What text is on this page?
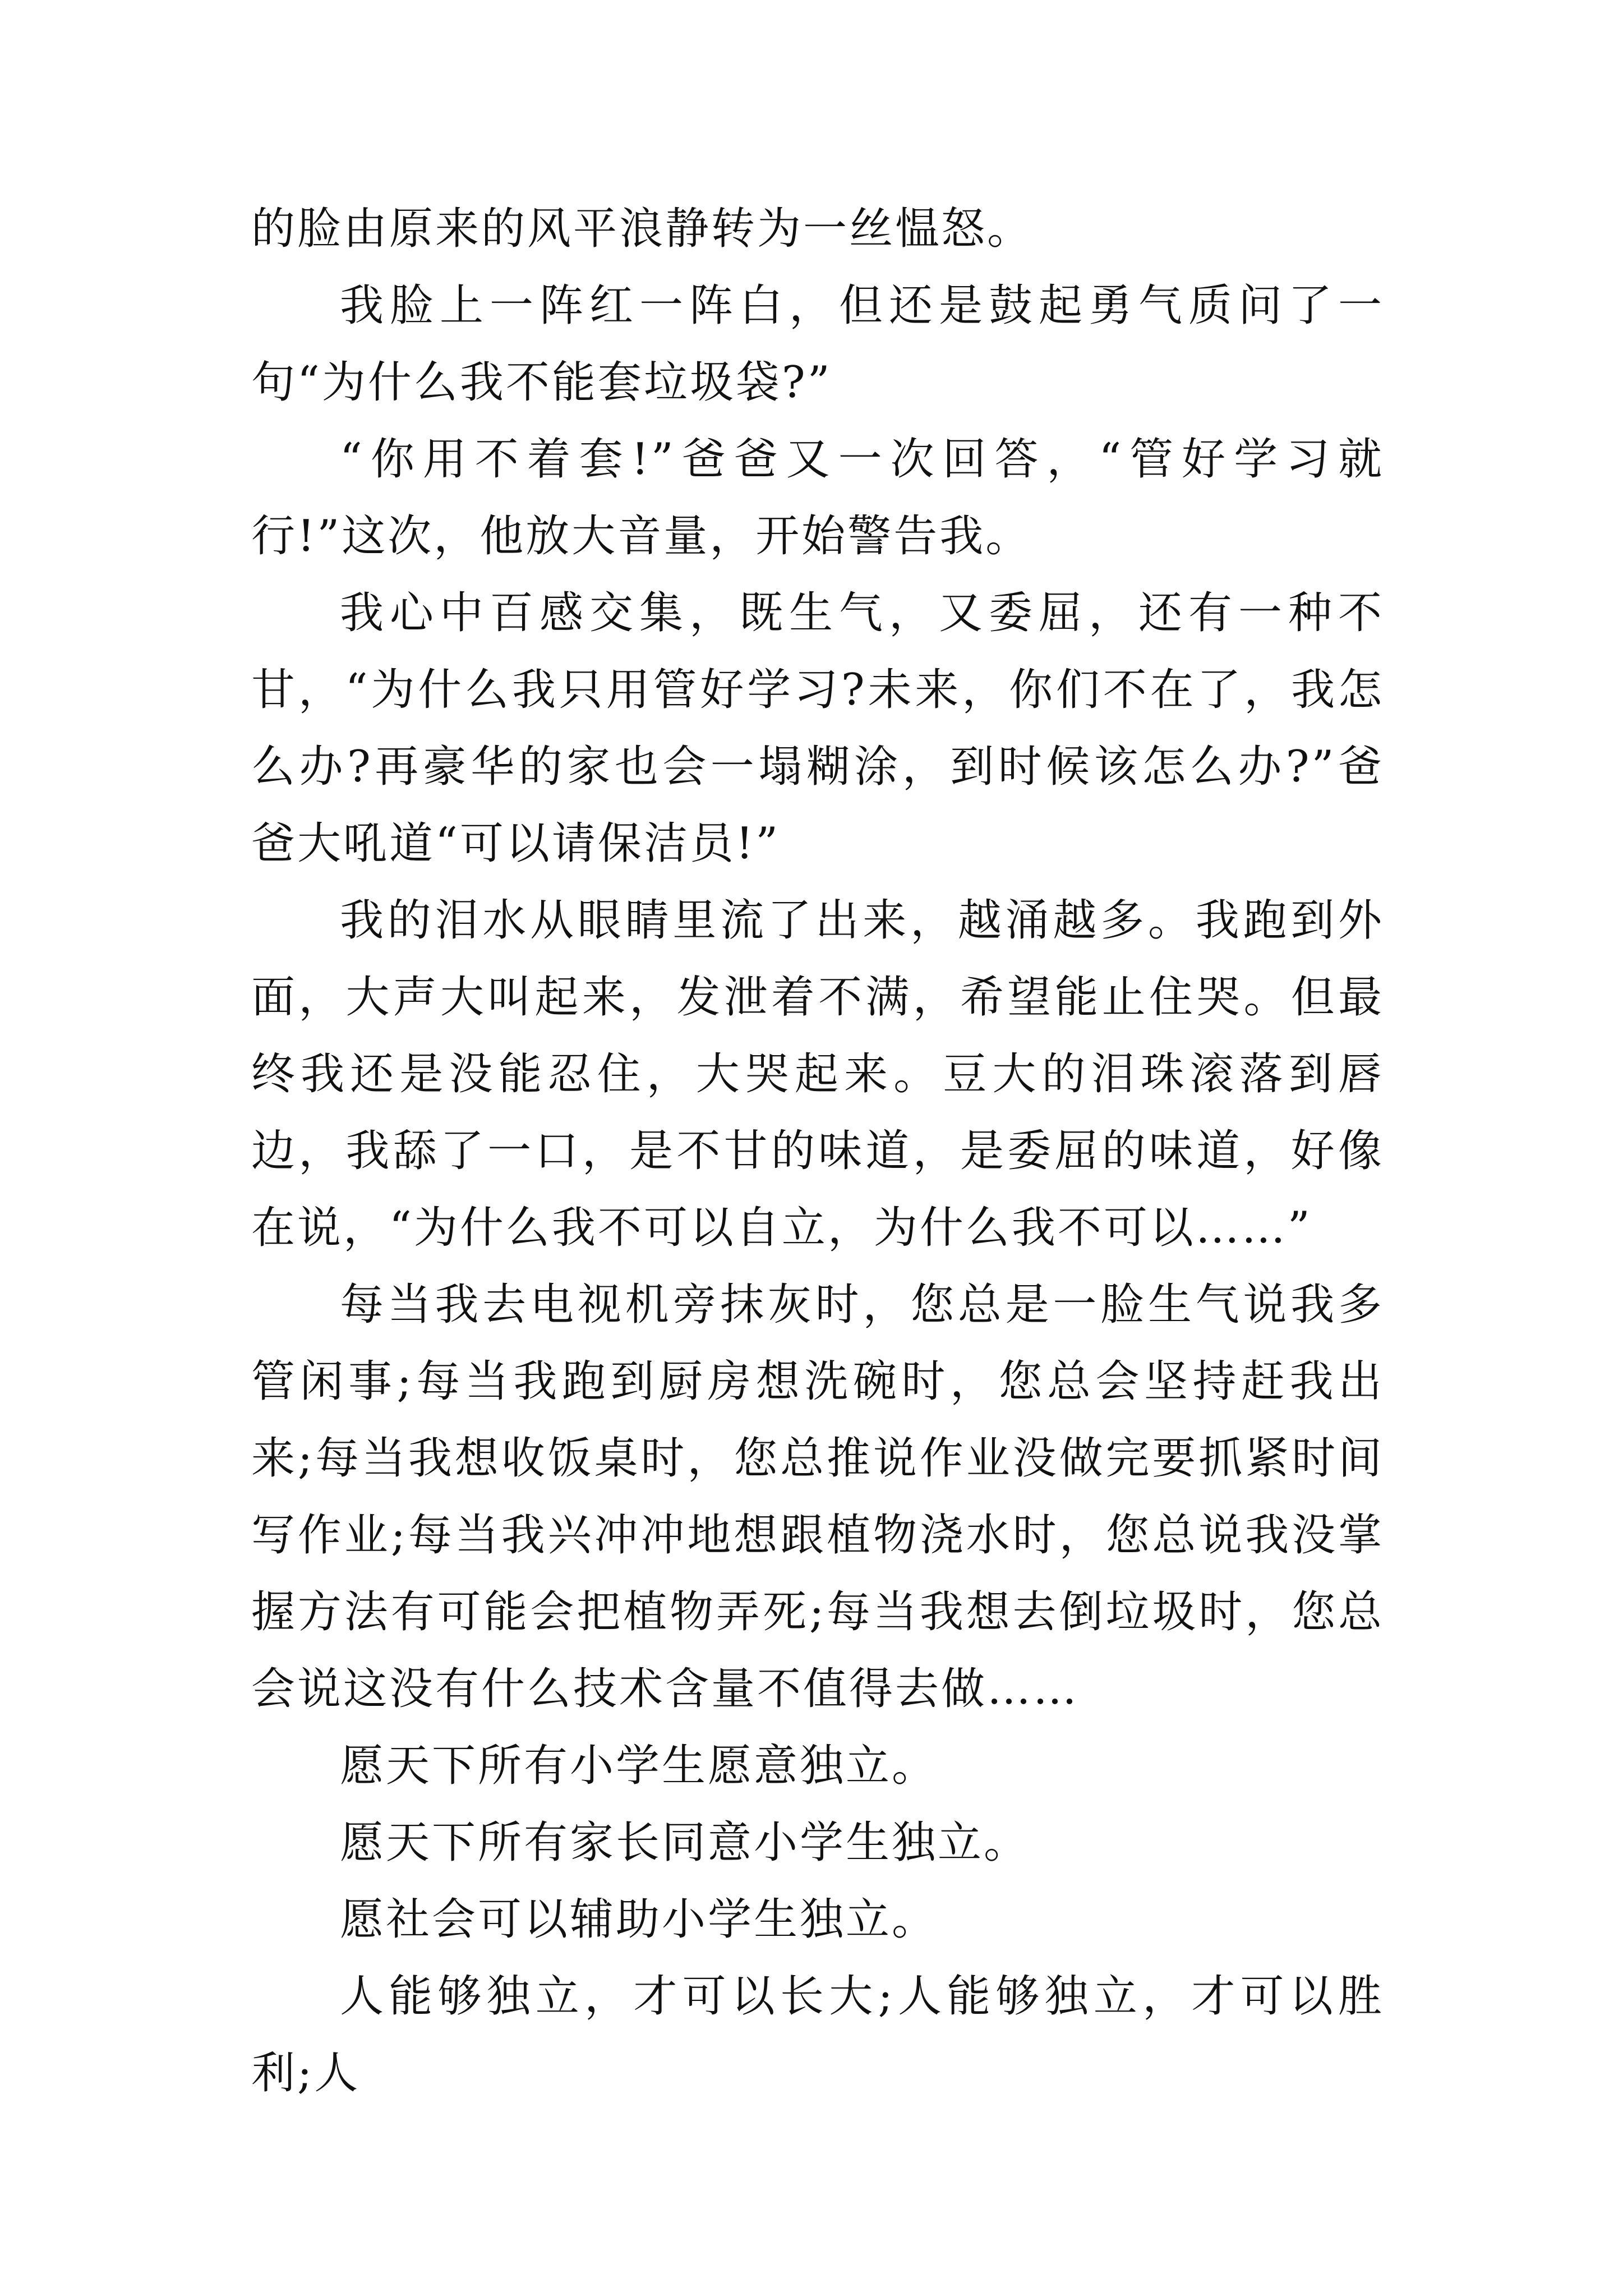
的脸由原来的风平浪静转为一丝愠怒。

我脸上一阵红一阵白，但还是鼓起勇气质问了一句“为什么我不能套垃圾袋?”

“你用不着套!”爸爸又一次回答，“管好学习就行!”这次，他放大音量，开始警告我。

我心中百感交集，既生气，又委屈，还有一种不甘，“为什么我只用管好学习?未来，你们不在了，我怎么办?再豪华的家也会一塌糊涂，到时候该怎么办?”爸爸大吼道“可以请保洁员!”

我的泪水从眼睛里流了出来，越涌越多。我跑到外面，大声大叫起来，发泄着不满，希望能止住哭。但最终我还是没能忍住，大哭起来。豆大的泪珠滚落到唇边，我舔了一口，是不甘的味道，是委屈的味道，好像在说，“为什么我不可以自立，为什么我不可以……”

每当我去电视机旁抹灰时，您总是一脸生气说我多管闲事;每当我跑到厨房想洗碗时，您总会坚持赶我出来;每当我想收饭桌时，您总推说作业没做完要抓紧时间写作业;每当我兴冲冲地想跟植物浇水时，您总说我没掌握方法有可能会把植物弄死;每当我想去倒垃圾时，您总会说这没有什么技术含量不值得去做……

愿天下所有小学生愿意独立。

愿天下所有家长同意小学生独立。

愿社会可以辅助小学生独立。

人能够独立，才可以长大;人能够独立，才可以胜利;人
